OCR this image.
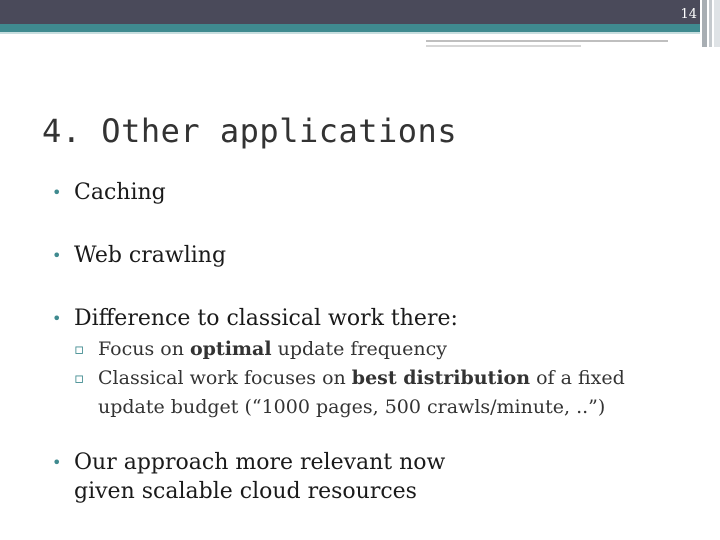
14
4. Other applications
• Caching
• Web crawling
• Difference to classical work there:
▫ Focus on optimal update frequency
▫ Classical work focuses on best distribution of a fixed
update budget (“1000 pages, 500 crawls/minute, ..”)
• Our approach more relevant now
given scalable cloud resources
